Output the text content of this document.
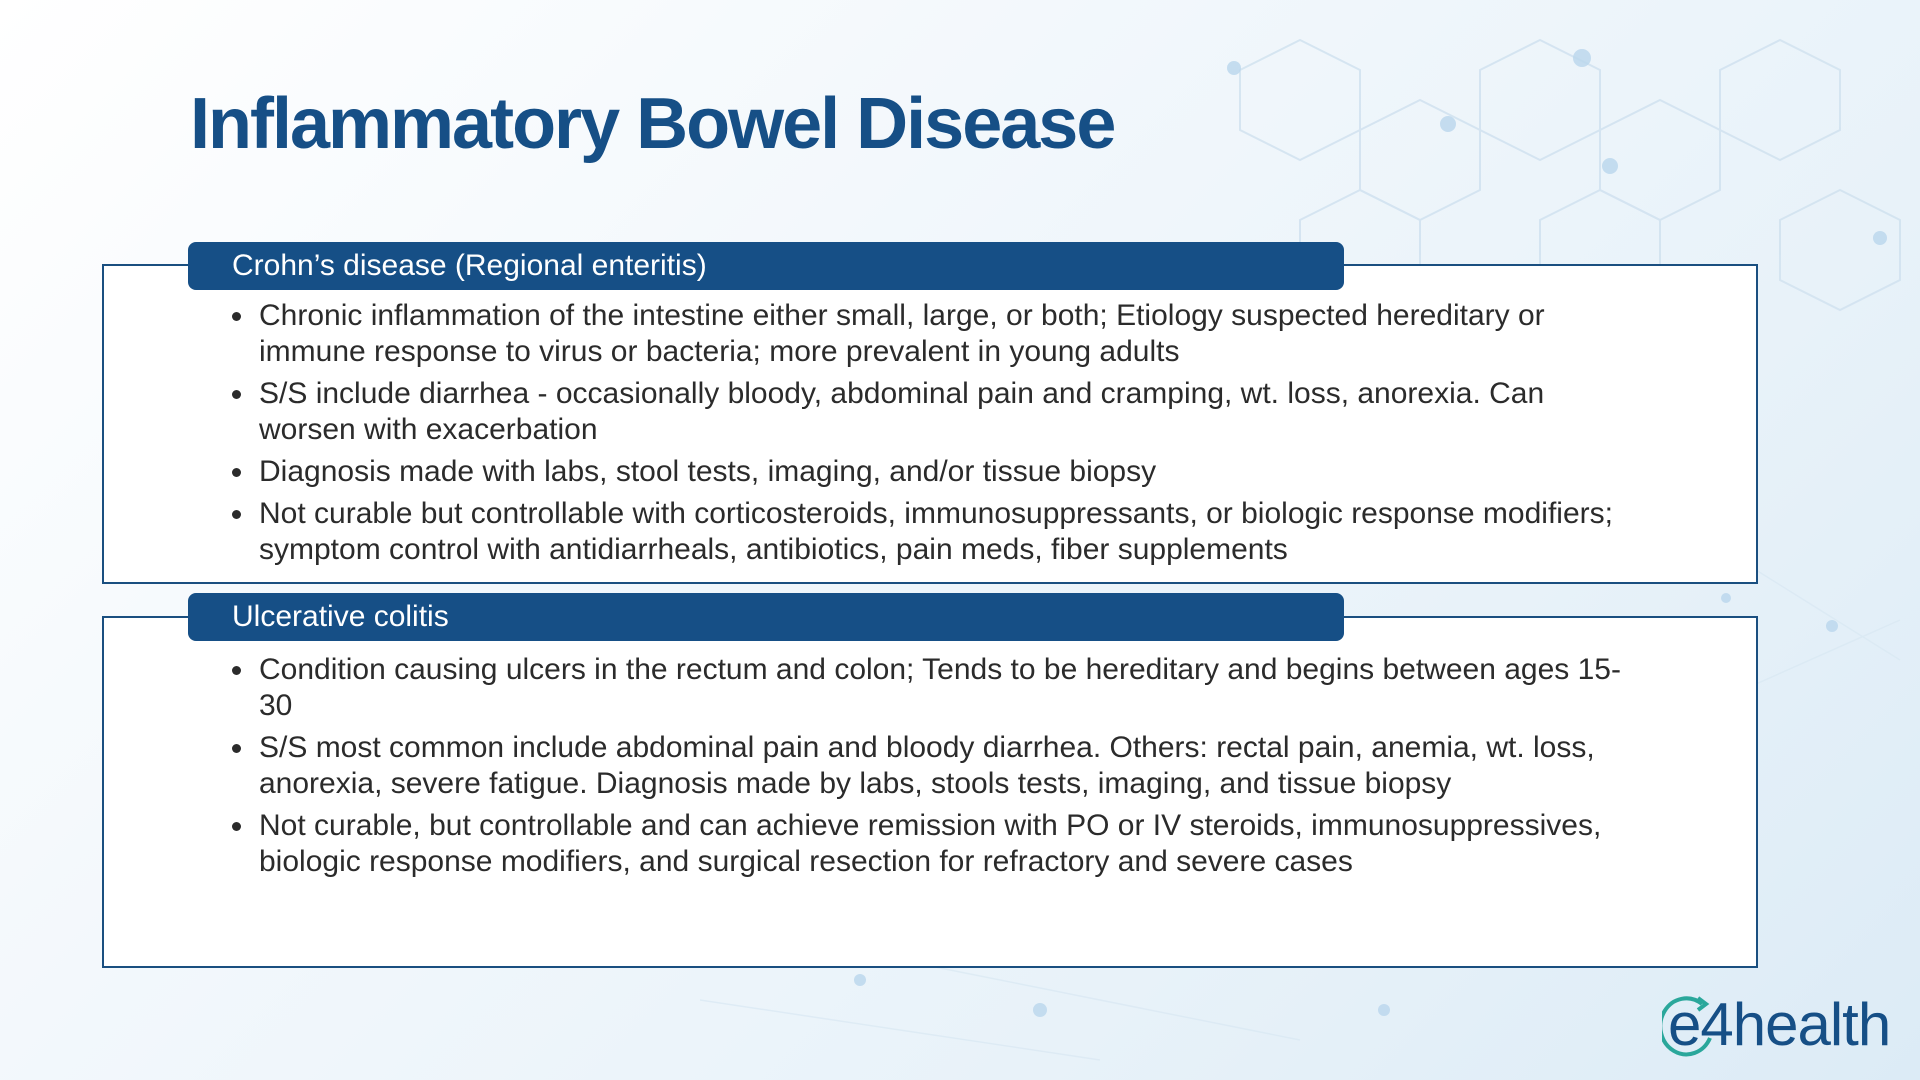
Inflammatory Bowel Disease
Crohn’s disease (Regional enteritis)
Chronic inflammation of the intestine either small, large, or both; Etiology suspected hereditary or immune response to virus or bacteria; more prevalent in young adults
S/S include diarrhea - occasionally bloody, abdominal pain and cramping, wt. loss, anorexia. Can worsen with exacerbation
Diagnosis made with labs, stool tests, imaging, and/or tissue biopsy
Not curable but controllable with corticosteroids, immunosuppressants, or biologic response modifiers; symptom control with antidiarrheals, antibiotics, pain meds, fiber supplements
Ulcerative colitis
Condition causing ulcers in the rectum and colon; Tends to be hereditary and begins between ages 15-30
S/S most common include abdominal pain and bloody diarrhea. Others: rectal pain, anemia, wt. loss, anorexia, severe fatigue. Diagnosis made by labs, stools tests, imaging, and tissue biopsy
Not curable, but controllable and can achieve remission with PO or IV steroids, immunosuppressives, biologic response modifiers, and surgical resection for refractory and severe cases
e4health
